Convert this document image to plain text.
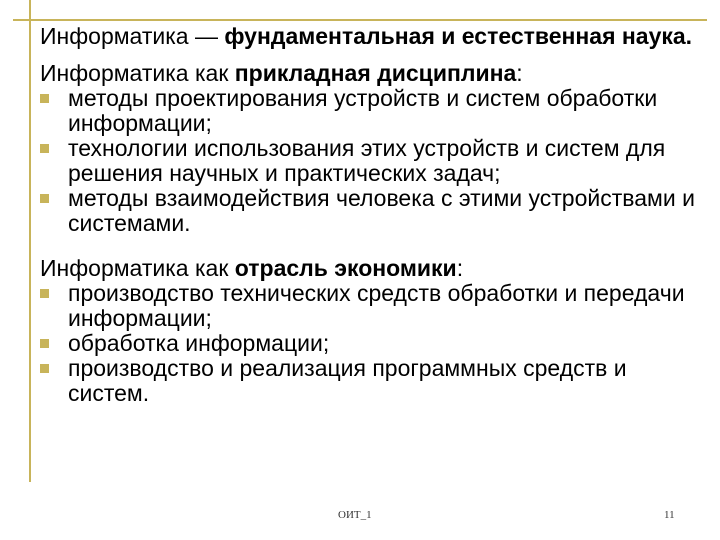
Информатика — фундаментальная и естественная наука.

Информатика как прикладная дисциплина:

методы проектирования устройств и систем обработки информации;
технологии использования этих устройств и систем для решения научных и практических задач;
методы взаимодействия человека с этими устройствами и системами.

Информатика как отрасль экономики:

производство технических средств обработки и передачи информации;
обработка информации;
производство и реализация программных средств и систем.
ОИТ_1	11
